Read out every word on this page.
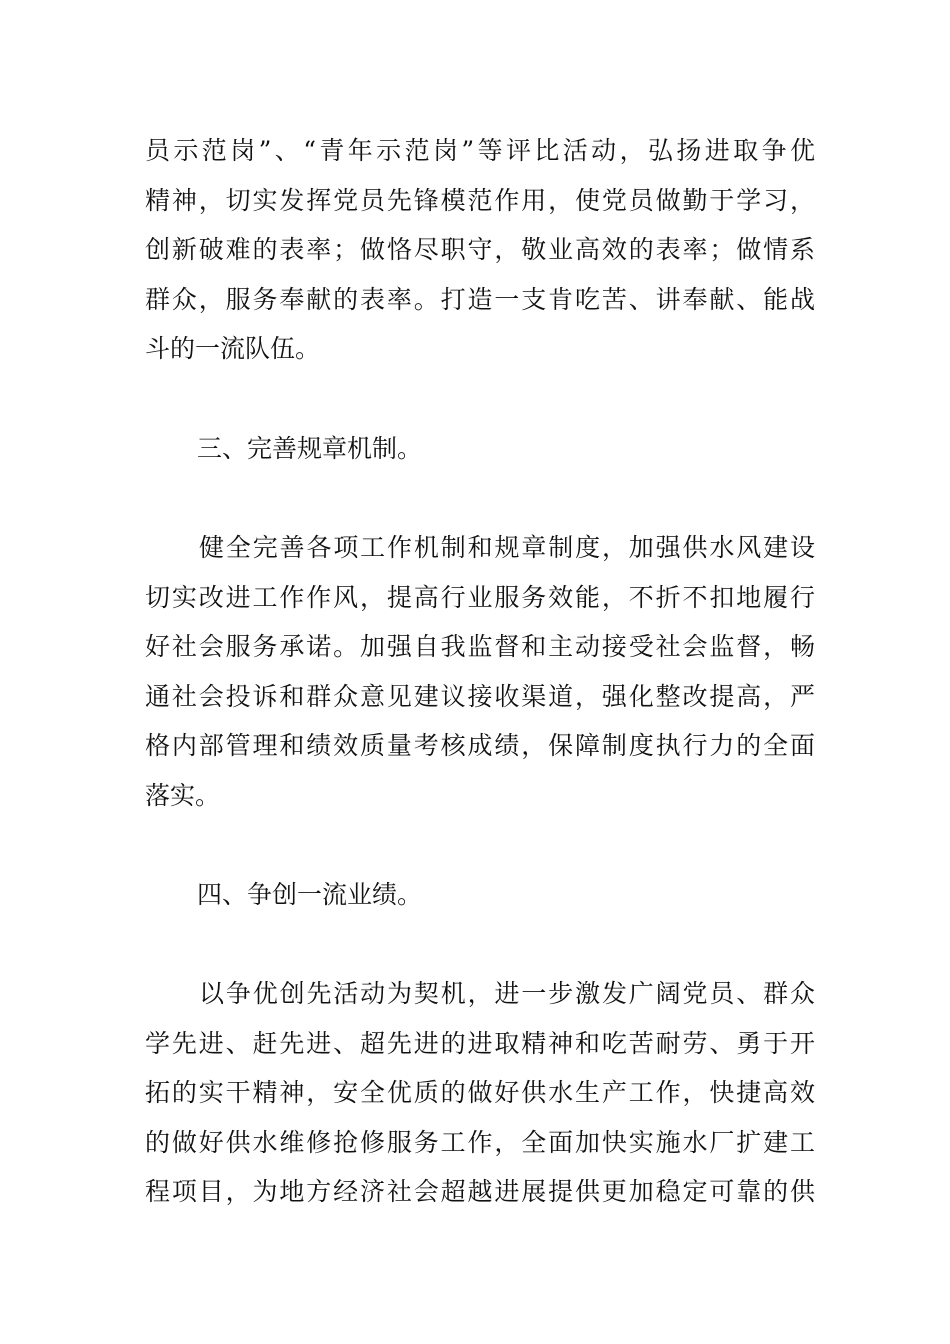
员示范岗”、“青年示范岗”等评比活动，弘扬进取争优
精神，切实发挥党员先锋模范作用，使党员做勤于学习，
创新破难的表率；做恪尽职守，敬业高效的表率；做情系
群众，服务奉献的表率。打造一支肯吃苦、讲奉献、能战
斗的一流队伍。
三、完善规章机制。
健全完善各项工作机制和规章制度，加强供水风建设
切实改进工作作风，提高行业服务效能，不折不扣地履行
好社会服务承诺。加强自我监督和主动接受社会监督，畅
通社会投诉和群众意见建议接收渠道，强化整改提高，严
格内部管理和绩效质量考核成绩，保障制度执行力的全面
落实。
四、争创一流业绩。
以争优创先活动为契机，进一步激发广阔党员、群众
学先进、赶先进、超先进的进取精神和吃苦耐劳、勇于开
拓的实干精神，安全优质的做好供水生产工作，快捷高效
的做好供水维修抢修服务工作，全面加快实施水厂扩建工
程项目，为地方经济社会超越进展提供更加稳定可靠的供
